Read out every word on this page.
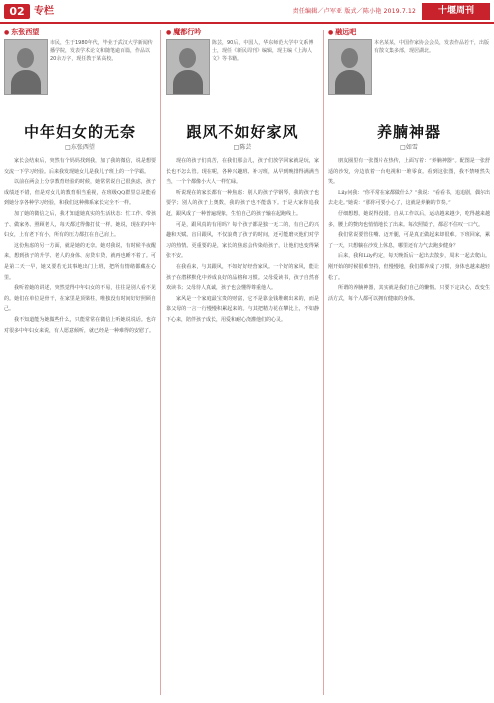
02 专栏	责任编辑／卢军亚 版式／陈小艳 2019.7.12	十堰周刊
● 东张西望
市民，生于1980年代，毕业于武汉大学新闻传播学院，发表学术论文和随笔逾百篇，作品以20余万字，现任教于某高校。
中年妇女的无奈
□东张西望

家长会结束后，突然有个妈妈找到我，加了我的微信，说是想要交流一下学习经验。后来我发现她女儿是我儿子班上的一个学霸。

以前在两会上分享教育经验的时候，她常常说自己很焦虑，孩子成绩还不错，但是对女儿的教育相当重视，在班级QQ群里总是能看到她分享各种学习经验，和我们这种佛系家长完全不一样。

加了她的微信之后，我才知道她真实的生活状态：忙工作、带孩子、做家务、照顾老人，每天都过得像打仗一样。她说，现在的中年妇女，上有老下有小，所有的压力都扛在自己肩上。

这份焦虑的另一方面，就是她的无奈。她对我说，有时候半夜醒来，想到孩子的升学、老人的身体、房贷车贷，就再也睡不着了。可是第二天一早，她又要若无其事地出门上班，把所有情绪都藏在心里。

我听着她的讲述，突然觉得中年妇女的不易，往往是别人看不见的。她们在单位是骨干，在家里是顶梁柱，唯独没有时间好好照顾自己。

我不知道能为她做些什么，只能常常在微信上听她说说话。也许对很多中年妇女来说，有人愿意倾听，就已经是一种难得的安慰了。

● 魔都行吟
陈芸，90后，中国人，华东师范大学中文系博士，现任《新民周刊》编辑，现主编《上海人文》等书籍。
跟风不如好家风
□陈芸

现在的孩子们真苦，在我们那会儿，孩子们放学回家就是玩，家长也不怎么管。现在呢，各种兴趣班、补习班，从早到晚排得满满当当，一个个都像小大人一样忙碌。

听说现在的家长都有一种焦虑：别人的孩子学钢琴，我的孩子也要学；别人的孩子上奥数，我的孩子也不能落下。于是大家你追我赶，跟风成了一种普遍现象，生怕自己的孩子输在起跑线上。

可是，跟风真的有用吗？每个孩子都是独一无二的，有自己的兴趣和天赋。盲目跟风，不仅浪费了孩子的时间，还可能磨灭他们对学习的热情。更重要的是，家长的焦虑会传染给孩子，让他们也变得紧张不安。

在我看来，与其跟风，不如好好经营家风。一个好的家风，能让孩子在潜移默化中养成良好的品格和习惯。父母爱读书，孩子自然喜欢读书；父母待人真诚，孩子也会懂得尊重他人。

家风是一个家庭最宝贵的财富，它不是靠金钱堆砌出来的，而是靠父母的一言一行慢慢积累起来的。与其把精力花在攀比上，不如静下心来，陪伴孩子成长，用爱和耐心浇灌他们的心灵。

● 融远吧
本名某某，中国作家协会会员，发表作品若干，出版有散文集多部，现居湖北。
养腩神器
□如雪

朋友圈里有一张图片在热传，上面写着：“养腩神器”。配图是一张舒适的沙发，旁边放着一台电视和一堆零食。看到这张图，我不禁哑然失笑。

Lily问我：“你平常在家都做什么？”我说：“看看书，追追剧，偶尔出去走走。”她说：“那你可要小心了，这就是养腩的节奏。”

仔细想想，她说得没错。自从工作以后，运动越来越少，吃得越来越多，腰上的赘肉也悄悄地长了出来。每次照镜子，都忍不住叹一口气。

我们常说要管住嘴、迈开腿，可是真正做起来却很难。下班回家，累了一天，只想躺在沙发上休息，哪里还有力气去跑步健身？

后来，我和Lily约定，每天晚饭后一起出去散步，周末一起去爬山。刚开始的时候很难坚持，但慢慢地，我们都养成了习惯，身体也越来越轻松了。

所谓的养腩神器，其实就是我们自己的懒惰。只要下定决心，改变生活方式，每个人都可以拥有健康的身体。
